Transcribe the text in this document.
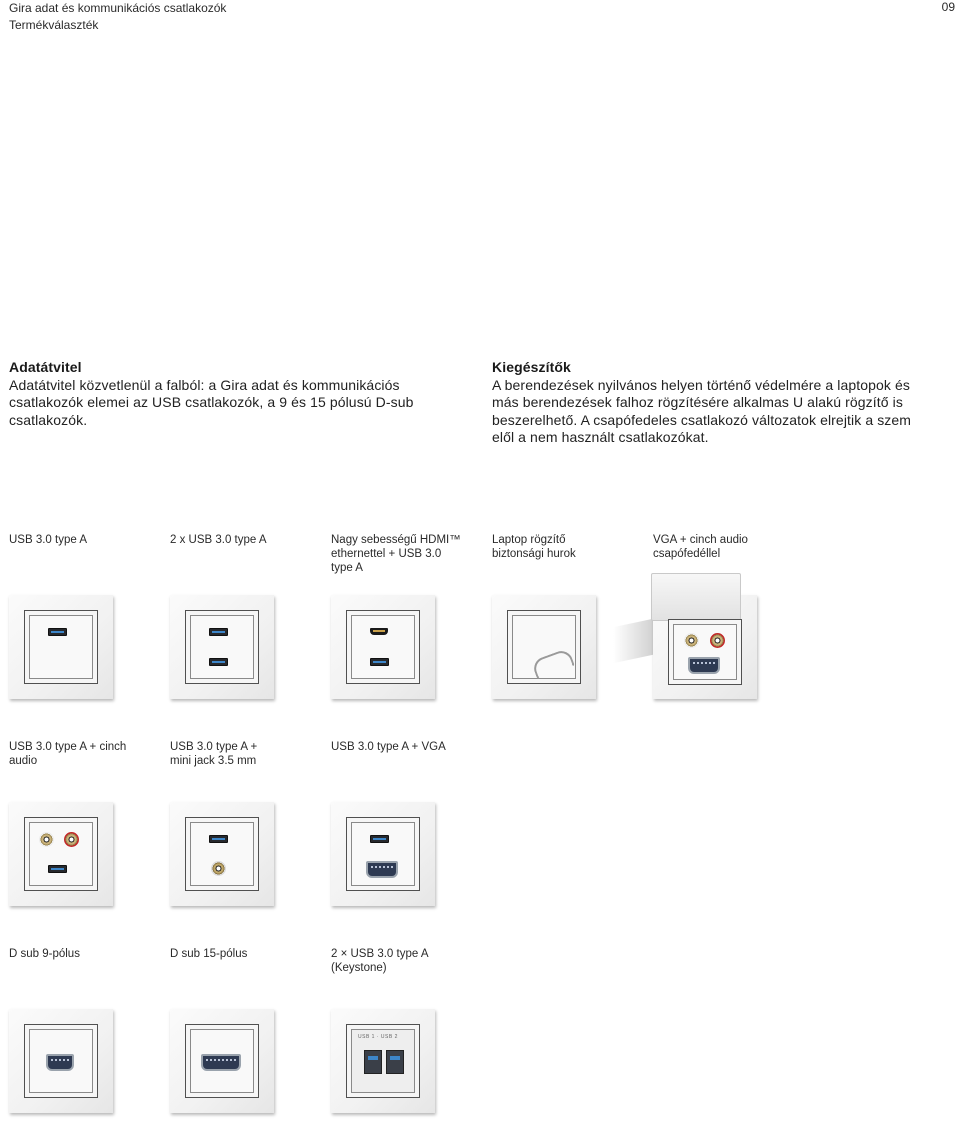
Gira adat és kommunikációs csatlakozók
Termékválaszték
09
Adatátvitel
Adatátvitel közvetlenül a falból: a Gira adat és kommunikációs csatlakozók elemei az USB csatlakozók, a 9 és 15 pólusú D-sub csatlakozók.
Kiegészítők
A berendezések nyilvános helyen történő védelmére a laptopok és más berendezések falhoz rögzítésére alkalmas U alakú rögzítő is beszerelhető. A csapófedeles csatlakozó változatok elrejtik a szem elől a nem használt csatlakozókat.
USB 3.0 type A	2 x USB 3.0 type A	Nagy sebességű HDMI™ ethernettel + USB 3.0 type A
Laptop rögzítő biztonsági hurok
VGA + cinch audio csapófedéllel
USB 3.0 type A + cinch audio
USB 3.0 type A + mini jack 3.5 mm
USB 3.0 type A + VGA
D sub 9-pólus	D sub 15-pólus	2 × USB 3.0 type A (Keystone)
USB 1 · USB 2
